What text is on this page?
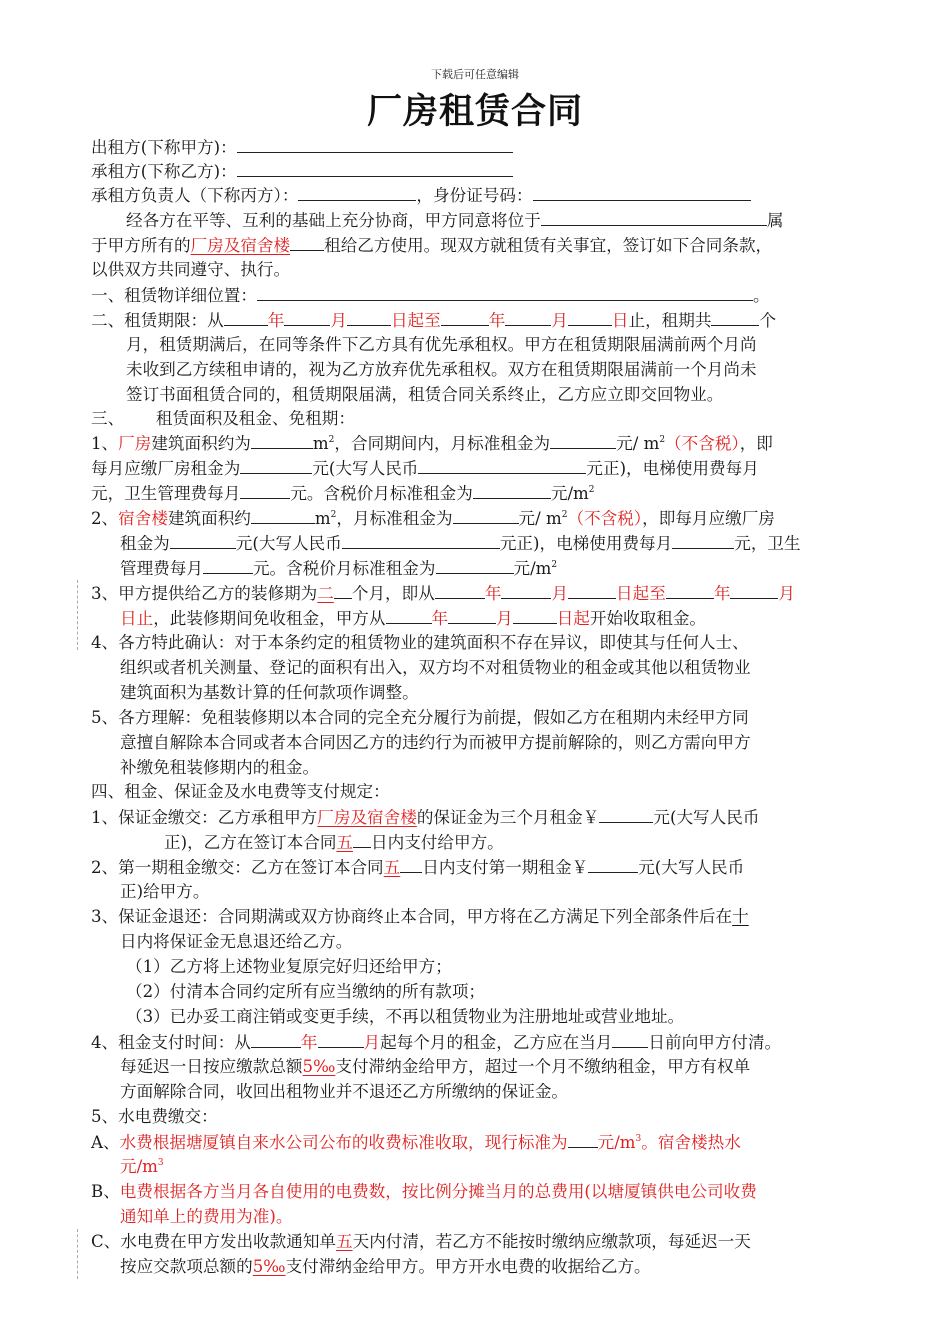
下载后可任意编辑
厂房租赁合同
出租方(下称甲方)：
承租方(下称乙方)：
承租方负责人（下称丙方）：	，身份证号码：
经各方在平等、互利的基础上充分协商，甲方同意将位于	属
于甲方所有的厂房及宿舍楼 租给乙方使用。现双方就租赁有关事宜，签订如下合同条款，
以供双方共同遵守、执行。
一、租赁物详细位置：	。
二、租赁期限：从	年	月	日起至	年	月	日止，租期共	个
月，租赁期满后，在同等条件下乙方具有优先承租权。甲方在租赁期限届满前两个月尚
未收到乙方续租申请的，视为乙方放弃优先承租权。双方在租赁期限届满前一个月尚未
签订书面租赁合同的，租赁期限届满，租赁合同关系终止，乙方应立即交回物业。
三、      租赁面积及租金、免租期：
1、厂房建筑面积约为	$m^2$，合同期间内，月标准租金为	元/ $m^2$（不含税），即
每月应缴厂房租金为	元(大写人民币	元正)，电梯使用费每月
元，卫生管理费每月	元。含税价月标准租金为	元$/m^2$
2、宿舍楼建筑面积约	$m^2$，月标准租金为	元/ $m^2$（不含税），即每月应缴厂房
租金为	元(大写人民币	元正)，电梯使用费每月	元，卫生
管理费每月	元。含税价月标准租金为	元$/m^2$
3、甲方提供给乙方的装修期为二 个月，即从	年	月	日起至	年	月
日止，此装修期间免收租金，甲方从	年	月	日起开始收取租金。
4、各方特此确认：对于本条约定的租赁物业的建筑面积不存在异议，即使其与任何人士、
组织或者机关测量、登记的面积有出入，双方均不对租赁物业的租金或其他以租赁物业
建筑面积为基数计算的任何款项作调整。
5、各方理解：免租装修期以本合同的完全充分履行为前提，假如乙方在租期内未经甲方同
意擅自解除本合同或者本合同因乙方的违约行为而被甲方提前解除的，则乙方需向甲方
补缴免租装修期内的租金。
四、租金、保证金及水电费等支付规定：
1、保证金缴交：乙方承租甲方厂房及宿舍楼的保证金为三个月租金￥	元(大写人民币
正)，乙方在签订本合同五 日内支付给甲方。
2、第一期租金缴交：乙方在签订本合同五 日内支付第一期租金￥	元(大写人民币
正)给甲方。
3、保证金退还：合同期满或双方协商终止本合同，甲方将在乙方满足下列全部条件后在十
日内将保证金无息退还给乙方。
（1）乙方将上述物业复原完好归还给甲方；
（2）付清本合同约定所有应当缴纳的所有款项；
（3）已办妥工商注销或变更手续，不再以租赁物业为注册地址或营业地址。
4、租金支付时间：从	年	月起每个月的租金，乙方应在当月 日前向甲方付清。
每延迟一日按应缴款总额5‰支付滞纳金给甲方，超过一个月不缴纳租金，甲方有权单
方面解除合同，收回出租物业并不退还乙方所缴纳的保证金。
5、水电费缴交：
A、水费根据塘厦镇自来水公司公布的收费标准收取，现行标准为 元$/m^3$。宿舍楼热水
元$/m^3$
B、电费根据各方当月各自使用的电费数，按比例分摊当月的总费用(以塘厦镇供电公司收费
通知单上的费用为准)。
C、水电费在甲方发出收款通知单五天内付清，若乙方不能按时缴纳应缴款项，每延迟一天
按应交款项总额的5‰支付滞纳金给甲方。甲方开水电费的收据给乙方。
